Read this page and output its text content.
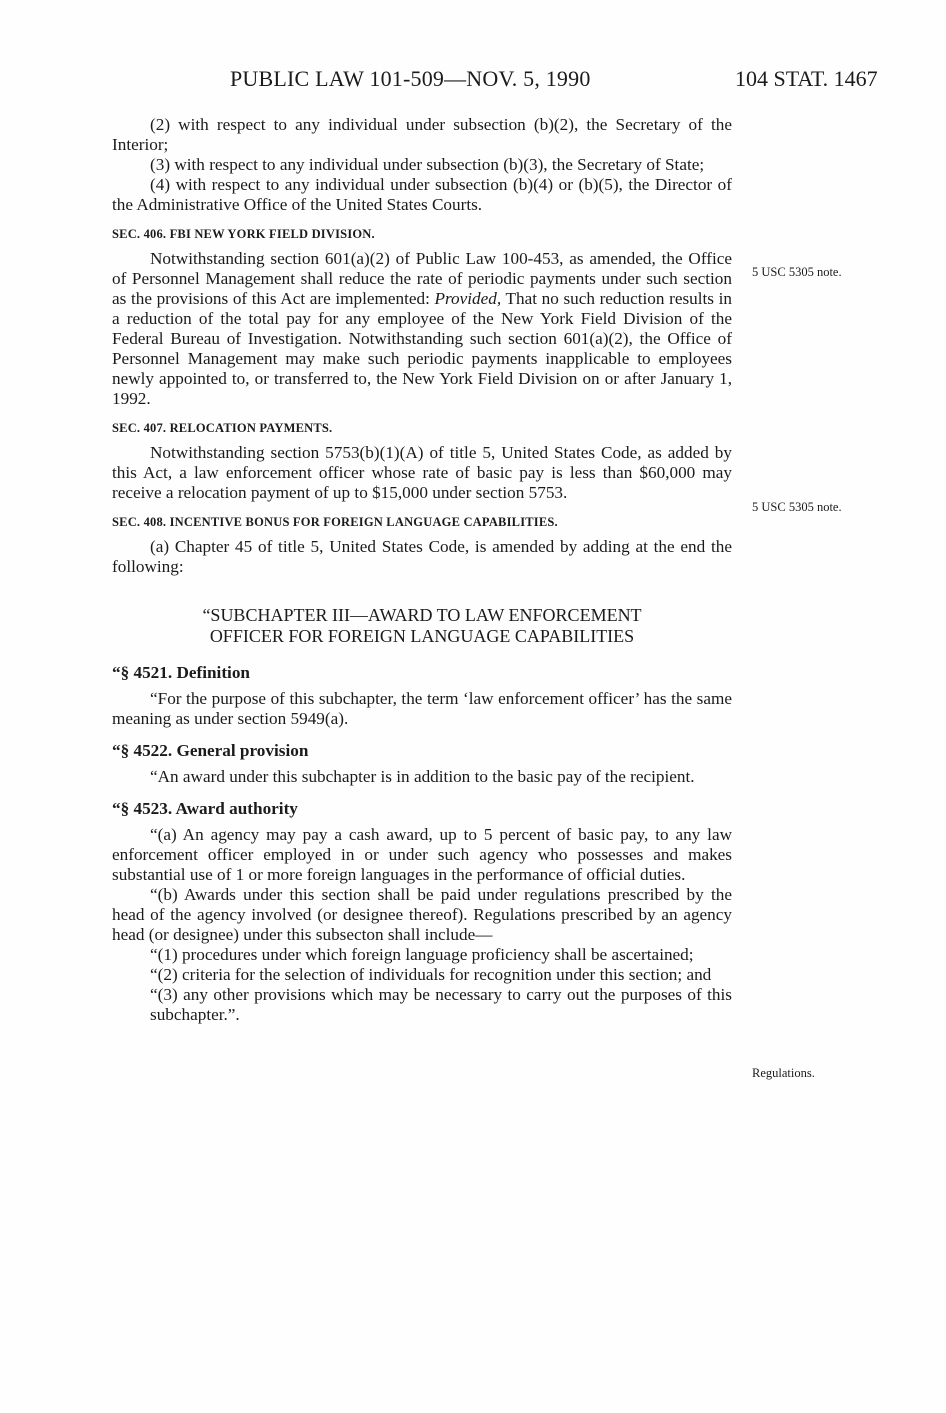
PUBLIC LAW 101-509—NOV. 5, 1990	104 STAT. 1467

(2) with respect to any individual under subsection (b)(2), the Secretary of the Interior;

(3) with respect to any individual under subsection (b)(3), the Secretary of State;

(4) with respect to any individual under subsection (b)(4) or (b)(5), the Director of the Administrative Office of the United States Courts.

SEC. 406. FBI NEW YORK FIELD DIVISION.

Notwithstanding section 601(a)(2) of Public Law 100-453, as amended, the Office of Personnel Management shall reduce the rate of periodic payments under such section as the provisions of this Act are implemented: Provided, That no such reduction results in a reduction of the total pay for any employee of the New York Field Division of the Federal Bureau of Investigation. Notwithstanding such section 601(a)(2), the Office of Personnel Management may make such periodic payments inapplicable to employees newly appointed to, or transferred to, the New York Field Division on or after January 1, 1992.

SEC. 407. RELOCATION PAYMENTS.

Notwithstanding section 5753(b)(1)(A) of title 5, United States Code, as added by this Act, a law enforcement officer whose rate of basic pay is less than $60,000 may receive a relocation payment of up to $15,000 under section 5753.

SEC. 408. INCENTIVE BONUS FOR FOREIGN LANGUAGE CAPABILITIES.

(a) Chapter 45 of title 5, United States Code, is amended by adding at the end the following:

“SUBCHAPTER III—AWARD TO LAW ENFORCEMENT
OFFICER FOR FOREIGN LANGUAGE CAPABILITIES
“§ 4521. Definition

“For the purpose of this subchapter, the term ‘law enforcement officer’ has the same meaning as under section 5949(a).

“§ 4522. General provision

“An award under this subchapter is in addition to the basic pay of the recipient.

“§ 4523. Award authority

“(a) An agency may pay a cash award, up to 5 percent of basic pay, to any law enforcement officer employed in or under such agency who possesses and makes substantial use of 1 or more foreign languages in the performance of official duties.

“(b) Awards under this section shall be paid under regulations prescribed by the head of the agency involved (or designee thereof). Regulations prescribed by an agency head (or designee) under this subsecton shall include—

“(1) procedures under which foreign language proficiency shall be ascertained;

“(2) criteria for the selection of individuals for recognition under this section; and

“(3) any other provisions which may be necessary to carry out the purposes of this subchapter.”.

5 USC 5305 note.
5 USC 5305 note.
Regulations.
